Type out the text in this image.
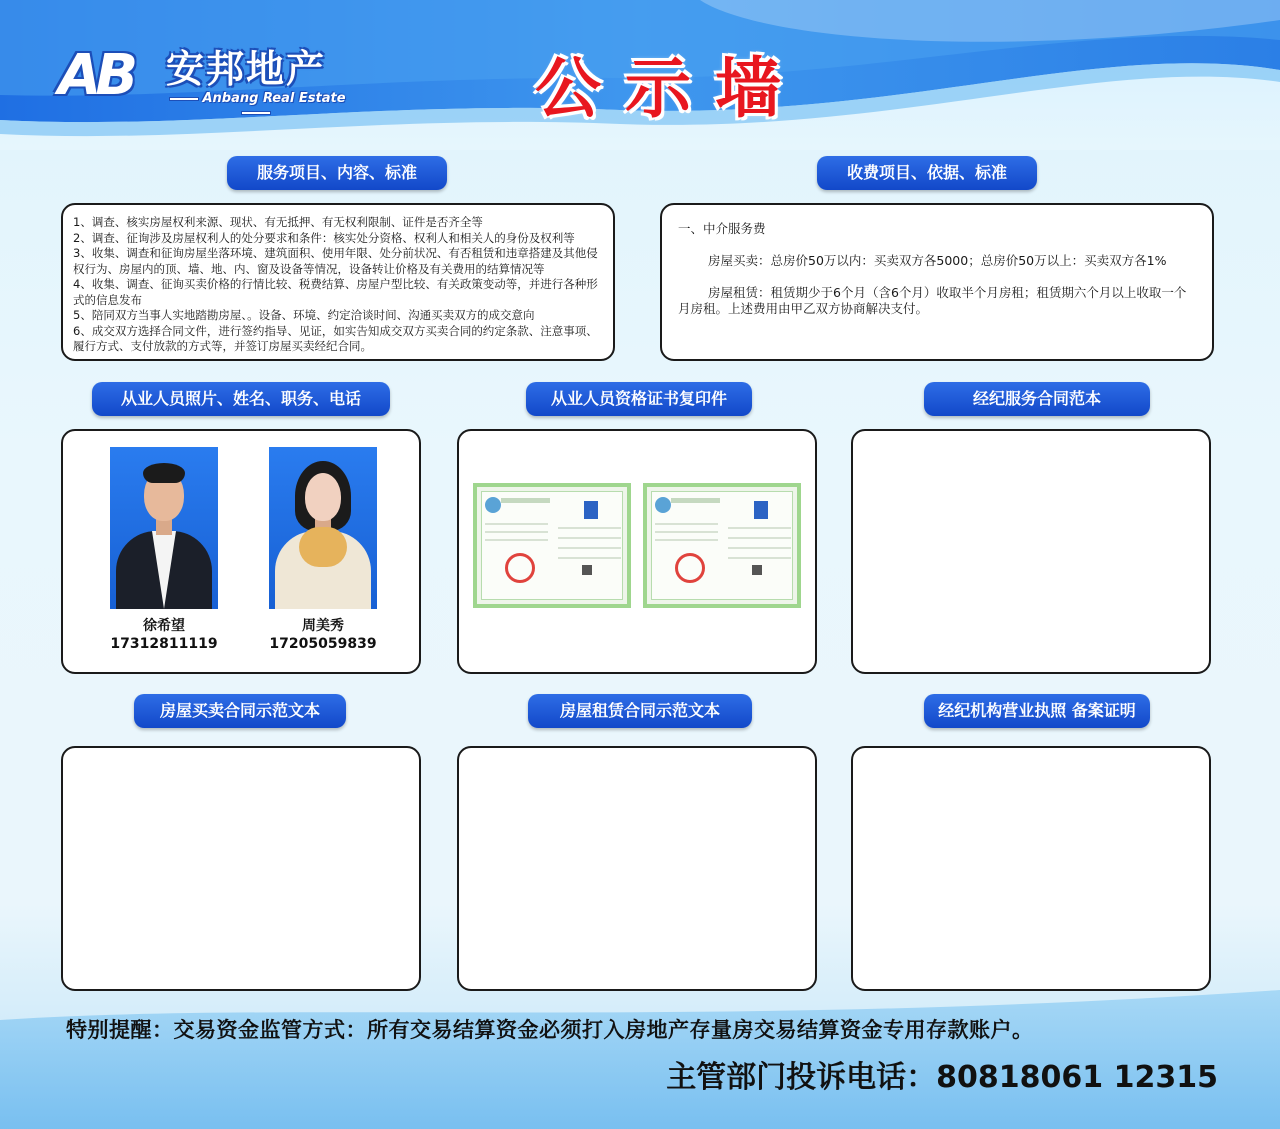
AB 安邦地产
Anbang Real Estate	公示墙
服务项目、内容、标准
1、调查、核实房屋权利来源、现状、有无抵押、有无权利限制、证件是否齐全等
2、调查、征询涉及房屋权利人的处分要求和条件：核实处分资格、权利人和相关人的身份及权利等
3、收集、调查和征询房屋坐落环境、建筑面积、使用年限、处分前状况、有否租赁和违章搭建及其他侵权行为、房屋内的顶、墙、地、内、窗及设备等情况，设备转让价格及有关费用的结算情况等
4、收集、调查、征询买卖价格的行情比较、税费结算、房屋户型比较、有关政策变动等，并进行各种形式的信息发布
5、陪同双方当事人实地踏勘房屋、。设备、环境、约定洽谈时间、沟通买卖双方的成交意向
6、成交双方选择合同文件，进行签约指导、见证，如实告知成交双方买卖合同的约定条款、注意事项、履行方式、支付放款的方式等，并签订房屋买卖经纪合同。
收费项目、依据、标准

一、中介服务费

房屋买卖：总房价50万以内：买卖双方各5000；总房价50万以上：买卖双方各1%

房屋租赁：租赁期少于6个月（含6个月）收取半个月房租；租赁期六个月以上收取一个月房租。上述费用由甲乙双方协商解决支付。

从业人员照片、姓名、职务、电话	从业人员资格证书复印件	经纪服务合同范本
徐希望
17312811119
周美秀
17205059839
房屋买卖合同示范文本	房屋租赁合同示范文本	经纪机构营业执照 备案证明
特别提醒：交易资金监管方式：所有交易结算资金必须打入房地产存量房交易结算资金专用存款账户。
主管部门投诉电话：80818061 12315
